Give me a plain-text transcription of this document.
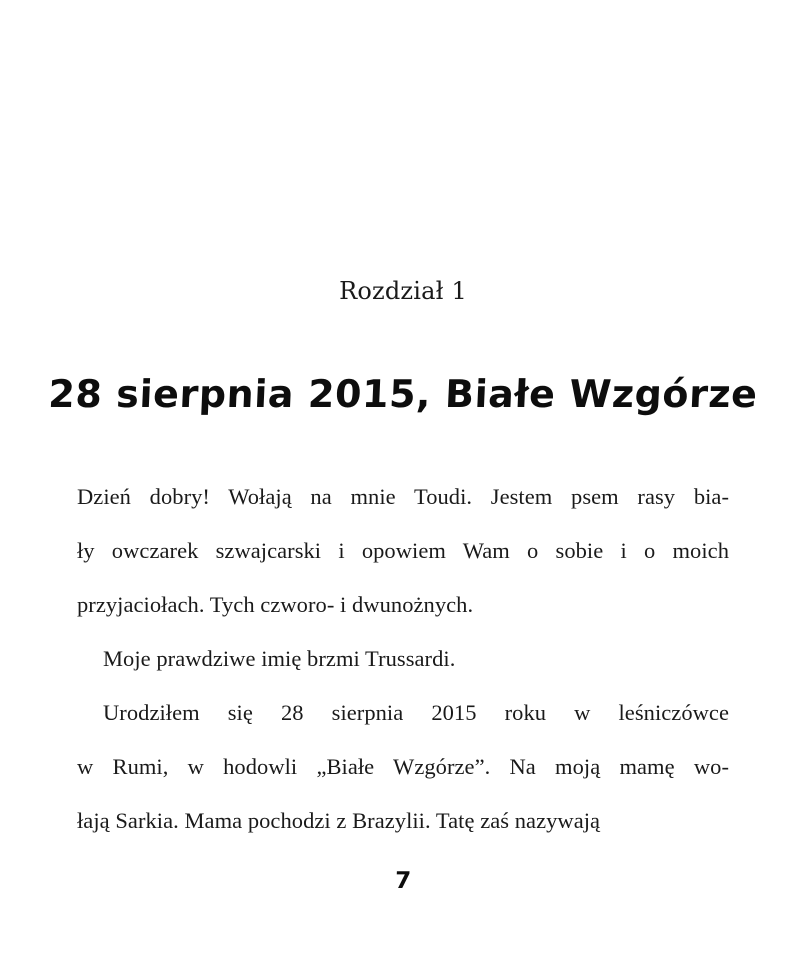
Rozdział 1
28 sierpnia 2015, Białe Wzgórze

Dzień dobry! Wołają na mnie Toudi. Jestem psem rasy bia-
ły owczarek szwajcarski i opowiem Wam o sobie i o moich
przyjaciołach. Tych czworo- i dwunożnych.

Moje prawdziwe imię brzmi Trussardi.

Urodziłem się 28 sierpnia 2015 roku w leśniczówce
w Rumi, w hodowli „Białe Wzgórze”. Na moją mamę wo-
łają Sarkia. Mama pochodzi z Brazylii. Tatę zaś nazywają

7
